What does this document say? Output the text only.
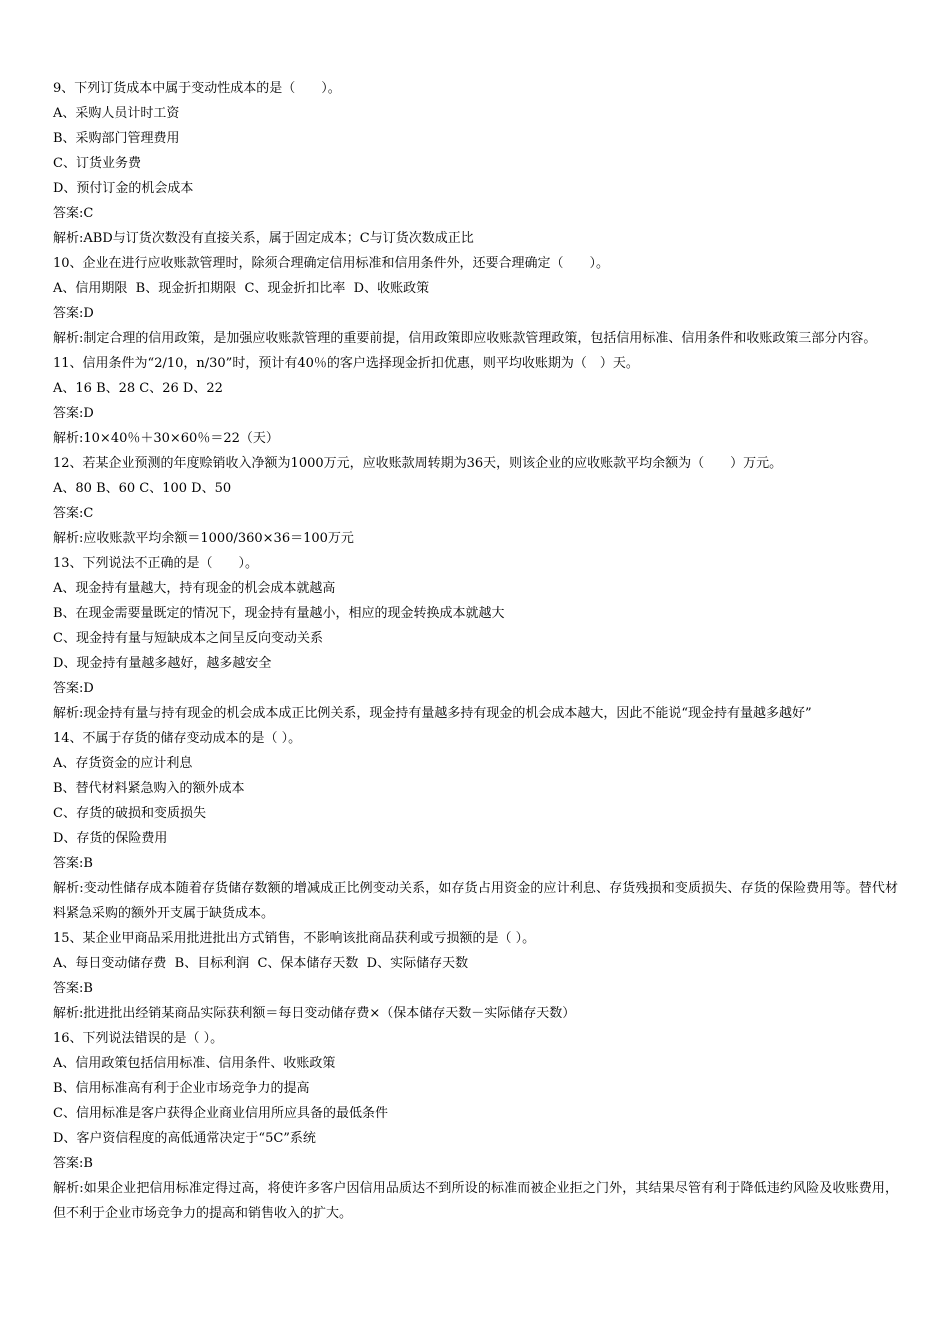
9、下列订货成本中属于变动性成本的是（　　）。

A、采购人员计时工资

B、采购部门管理费用

C、订货业务费

D、预付订金的机会成本

答案:C

解析:ABD与订货次数没有直接关系，属于固定成本；C与订货次数成正比

10、企业在进行应收账款管理时，除须合理确定信用标准和信用条件外，还要合理确定（　　）。

A、信用期限  B、现金折扣期限  C、现金折扣比率  D、收账政策

答案:D

解析:制定合理的信用政策，是加强应收账款管理的重要前提，信用政策即应收账款管理政策，包括信用标准、信用条件和收账政策三部分内容。

11、信用条件为“2/10，n/30”时，预计有40％的客户选择现金折扣优惠，则平均收账期为（　）天。

A、16 B、28 C、26 D、22

答案:D

解析:10×40％＋30×60％＝22（天）

12、若某企业预测的年度赊销收入净额为1000万元，应收账款周转期为36天，则该企业的应收账款平均余额为（　　）万元。

A、80 B、60 C、100 D、50

答案:C

解析:应收账款平均余额＝1000/360×36＝100万元

13、下列说法不正确的是（　　）。

A、现金持有量越大，持有现金的机会成本就越高

B、在现金需要量既定的情况下，现金持有量越小，相应的现金转换成本就越大

C、现金持有量与短缺成本之间呈反向变动关系

D、现金持有量越多越好，越多越安全

答案:D

解析:现金持有量与持有现金的机会成本成正比例关系，现金持有量越多持有现金的机会成本越大，因此不能说“现金持有量越多越好”

14、不属于存货的储存变动成本的是（ ）。

A、存货资金的应计利息

B、替代材料紧急购入的额外成本

C、存货的破损和变质损失

D、存货的保险费用

答案:B

解析:变动性储存成本随着存货储存数额的增减成正比例变动关系，如存货占用资金的应计利息、存货残损和变质损失、存货的保险费用等。替代材料紧急采购的额外开支属于缺货成本。

15、某企业甲商品采用批进批出方式销售，不影响该批商品获利或亏损额的是（ ）。

A、每日变动储存费  B、目标利润  C、保本储存天数  D、实际储存天数

答案:B

解析:批进批出经销某商品实际获利额＝每日变动储存费×（保本储存天数－实际储存天数）

16、下列说法错误的是（ ）。

A、信用政策包括信用标准、信用条件、收账政策

B、信用标准高有利于企业市场竞争力的提高

C、信用标准是客户获得企业商业信用所应具备的最低条件

D、客户资信程度的高低通常决定于“5C”系统

答案:B

解析:如果企业把信用标准定得过高，将使许多客户因信用品质达不到所设的标准而被企业拒之门外，其结果尽管有利于降低违约风险及收账费用，但不利于企业市场竞争力的提高和销售收入的扩大。
